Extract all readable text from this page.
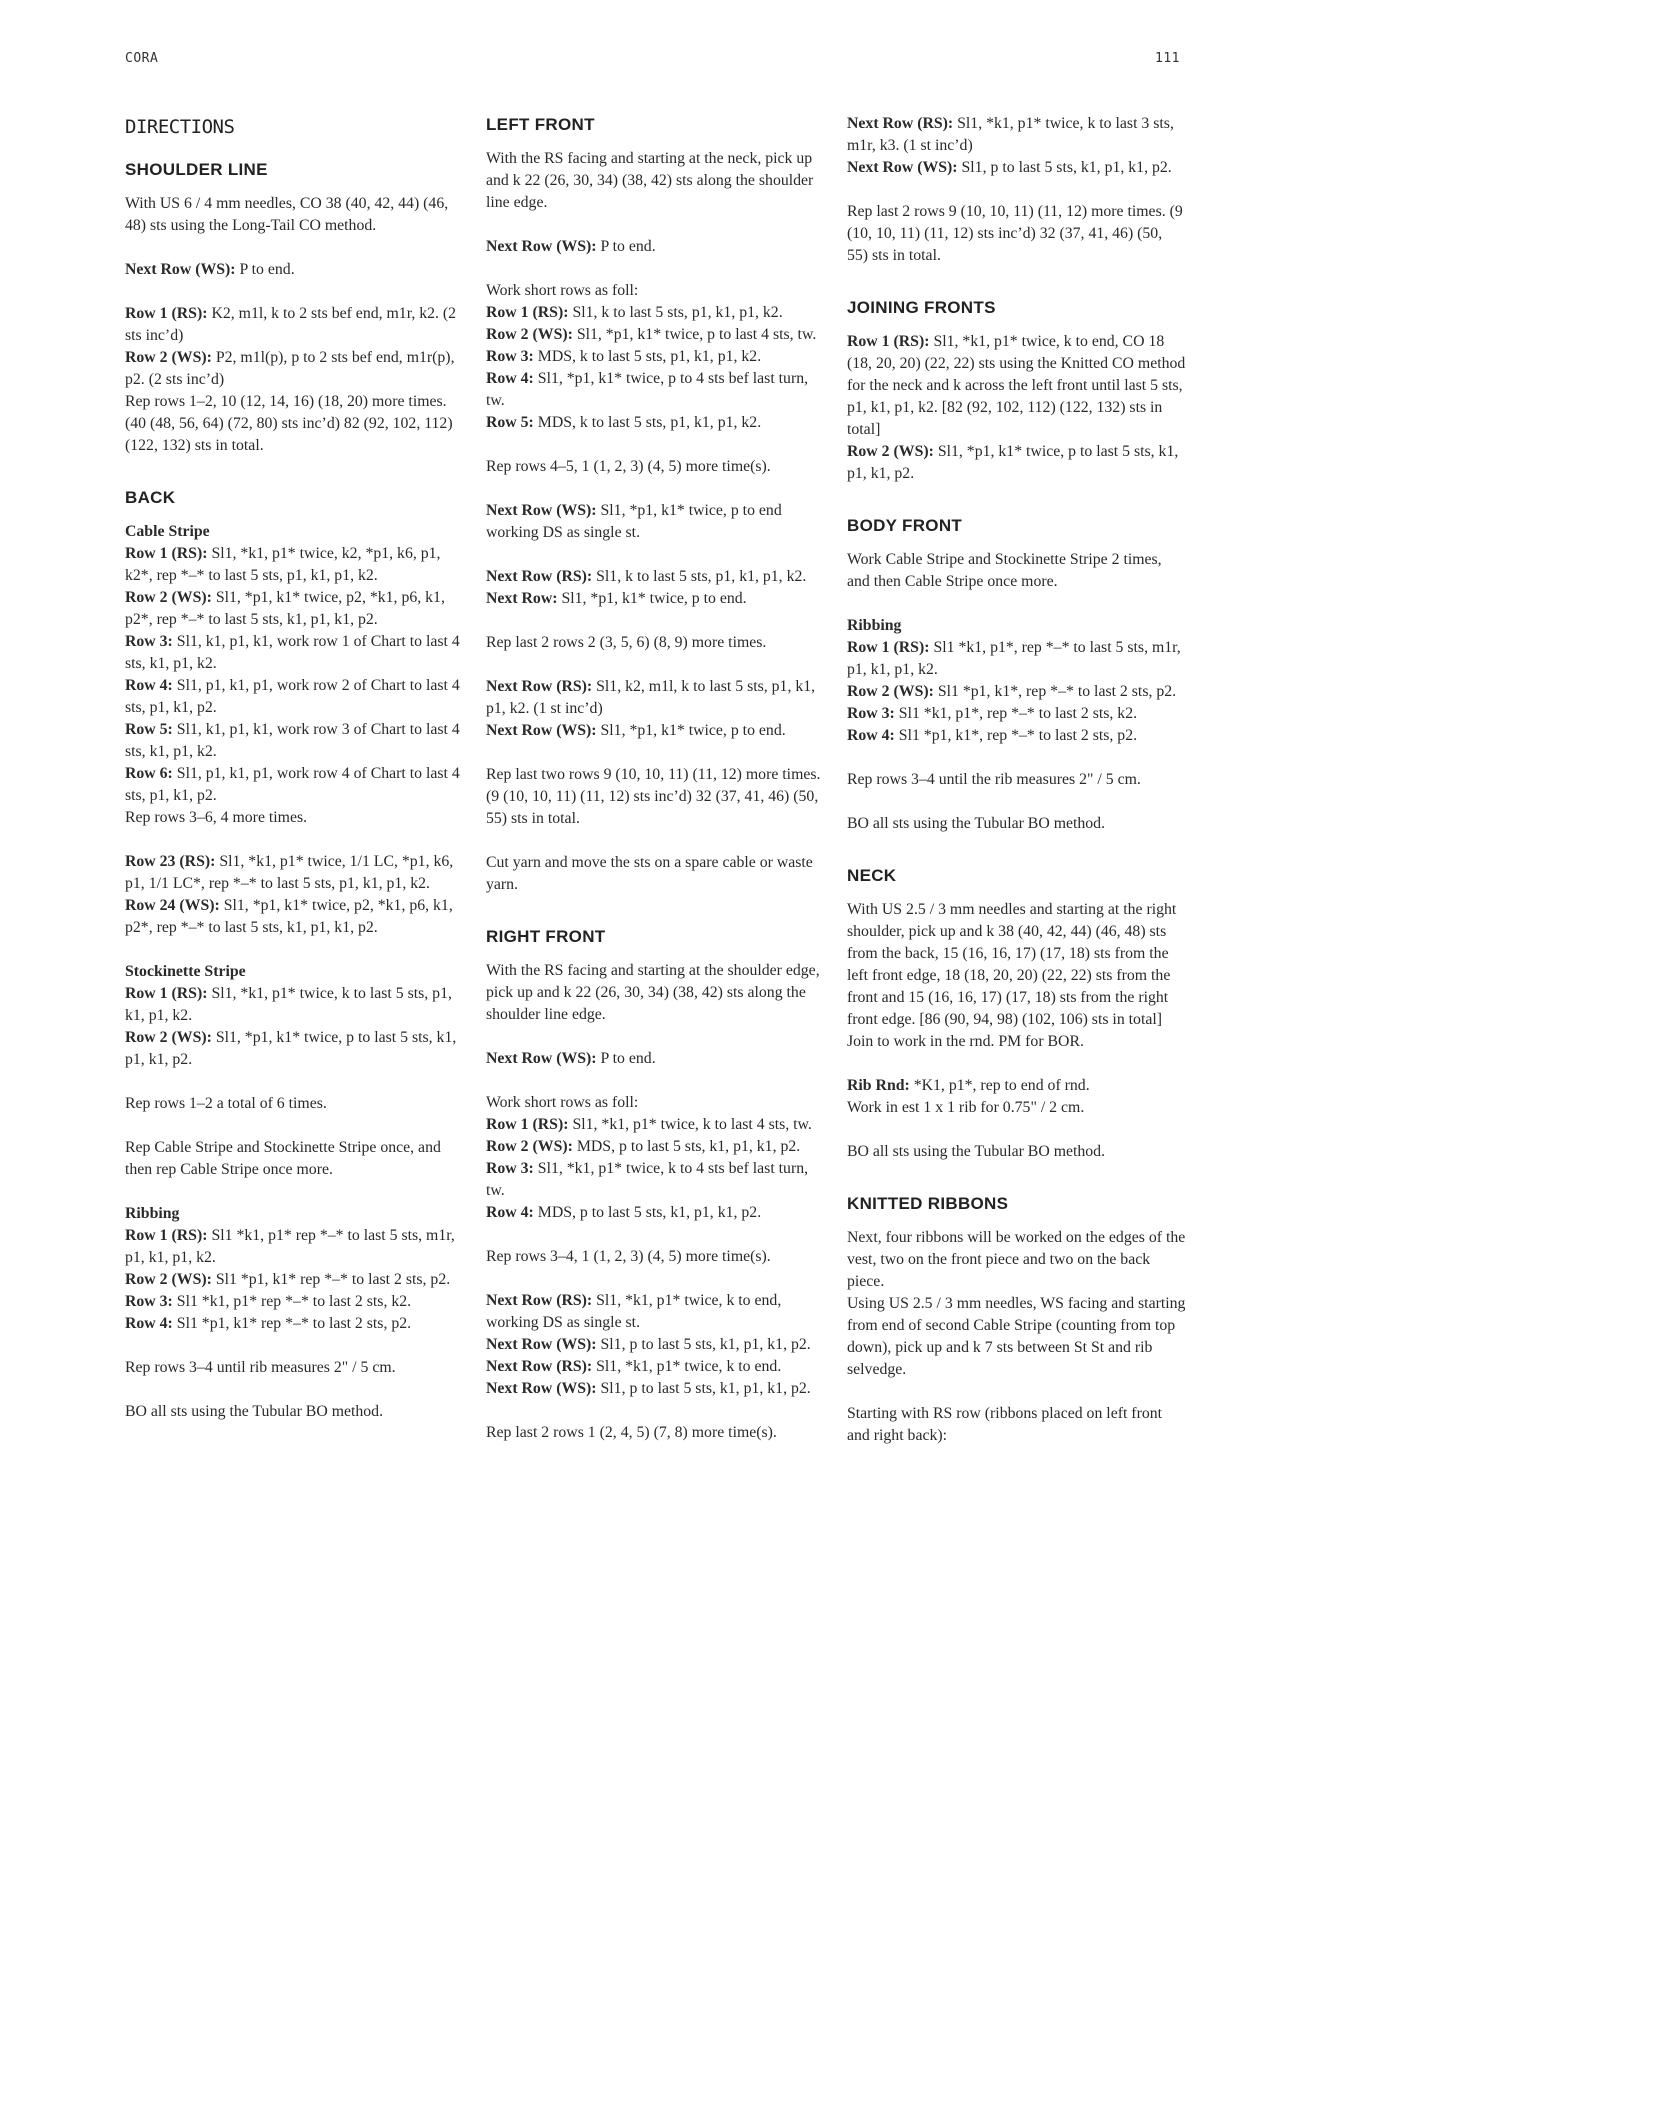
CORA	111
DIRECTIONS
SHOULDER LINE

With US 6 / 4 mm needles, CO 38 (40, 42, 44) (46, 48) sts using the Long-Tail CO method.

Next Row (WS): P to end.

Row 1 (RS): K2, m1l, k to 2 sts bef end, m1r, k2. (2 sts inc’d)

Row 2 (WS): P2, m1l(p), p to 2 sts bef end, m1r(p), p2. (2 sts inc’d)

Rep rows 1–2, 10 (12, 14, 16) (18, 20) more times. (40 (48, 56, 64) (72, 80) sts inc’d) 82 (92, 102, 112) (122, 132) sts in total.

BACK
Cable Stripe

Row 1 (RS): Sl1, *k1, p1* twice, k2, *p1, k6, p1, k2*, rep *–* to last 5 sts, p1, k1, p1, k2.

Row 2 (WS): Sl1, *p1, k1* twice, p2, *k1, p6, k1, p2*, rep *–* to last 5 sts, k1, p1, k1, p2.

Row 3: Sl1, k1, p1, k1, work row 1 of Chart to last 4 sts, k1, p1, k2.

Row 4: Sl1, p1, k1, p1, work row 2 of Chart to last 4 sts, p1, k1, p2.

Row 5: Sl1, k1, p1, k1, work row 3 of Chart to last 4 sts, k1, p1, k2.

Row 6: Sl1, p1, k1, p1, work row 4 of Chart to last 4 sts, p1, k1, p2.

Rep rows 3–6, 4 more times.

Row 23 (RS): Sl1, *k1, p1* twice, 1/1 LC, *p1, k6, p1, 1/1 LC*, rep *–* to last 5 sts, p1, k1, p1, k2.

Row 24 (WS): Sl1, *p1, k1* twice, p2, *k1, p6, k1, p2*, rep *–* to last 5 sts, k1, p1, k1, p2.

Stockinette Stripe

Row 1 (RS): Sl1, *k1, p1* twice, k to last 5 sts, p1, k1, p1, k2.

Row 2 (WS): Sl1, *p1, k1* twice, p to last 5 sts, k1, p1, k1, p2.

Rep rows 1–2 a total of 6 times.

Rep Cable Stripe and Stockinette Stripe once, and then rep Cable Stripe once more.

Ribbing

Row 1 (RS): Sl1 *k1, p1* rep *–* to last 5 sts, m1r, p1, k1, p1, k2.

Row 2 (WS): Sl1 *p1, k1* rep *–* to last 2 sts, p2.

Row 3: Sl1 *k1, p1* rep *–* to last 2 sts, k2.

Row 4: Sl1 *p1, k1* rep *–* to last 2 sts, p2.

Rep rows 3–4 until rib measures 2" / 5 cm.

BO all sts using the Tubular BO method.

LEFT FRONT

With the RS facing and starting at the neck, pick up and k 22 (26, 30, 34) (38, 42) sts along the shoulder line edge.

Next Row (WS): P to end.

Work short rows as foll:

Row 1 (RS): Sl1, k to last 5 sts, p1, k1, p1, k2.

Row 2 (WS): Sl1, *p1, k1* twice, p to last 4 sts, tw.

Row 3: MDS, k to last 5 sts, p1, k1, p1, k2.

Row 4: Sl1, *p1, k1* twice, p to 4 sts bef last turn, tw.

Row 5: MDS, k to last 5 sts, p1, k1, p1, k2.

Rep rows 4–5, 1 (1, 2, 3) (4, 5) more time(s).

Next Row (WS): Sl1, *p1, k1* twice, p to end working DS as single st.

Next Row (RS): Sl1, k to last 5 sts, p1, k1, p1, k2.

Next Row: Sl1, *p1, k1* twice, p to end.

Rep last 2 rows 2 (3, 5, 6) (8, 9) more times.

Next Row (RS): Sl1, k2, m1l, k to last 5 sts, p1, k1, p1, k2. (1 st inc’d)

Next Row (WS): Sl1, *p1, k1* twice, p to end.

Rep last two rows 9 (10, 10, 11) (11, 12) more times. (9 (10, 10, 11) (11, 12) sts inc’d) 32 (37, 41, 46) (50, 55) sts in total.

Cut yarn and move the sts on a spare cable or waste yarn.

RIGHT FRONT

With the RS facing and starting at the shoulder edge, pick up and k 22 (26, 30, 34) (38, 42) sts along the shoulder line edge.

Next Row (WS): P to end.

Work short rows as foll:

Row 1 (RS): Sl1, *k1, p1* twice, k to last 4 sts, tw.

Row 2 (WS): MDS, p to last 5 sts, k1, p1, k1, p2.

Row 3: Sl1, *k1, p1* twice, k to 4 sts bef last turn, tw.

Row 4: MDS, p to last 5 sts, k1, p1, k1, p2.

Rep rows 3–4, 1 (1, 2, 3) (4, 5) more time(s).

Next Row (RS): Sl1, *k1, p1* twice, k to end, working DS as single st.

Next Row (WS): Sl1, p to last 5 sts, k1, p1, k1, p2.

Next Row (RS): Sl1, *k1, p1* twice, k to end.

Next Row (WS): Sl1, p to last 5 sts, k1, p1, k1, p2.

Rep last 2 rows 1 (2, 4, 5) (7, 8) more time(s).

Next Row (RS): Sl1, *k1, p1* twice, k to last 3 sts, m1r, k3. (1 st inc’d)

Next Row (WS): Sl1, p to last 5 sts, k1, p1, k1, p2.

Rep last 2 rows 9 (10, 10, 11) (11, 12) more times. (9 (10, 10, 11) (11, 12) sts inc’d) 32 (37, 41, 46) (50, 55) sts in total.

JOINING FRONTS

Row 1 (RS): Sl1, *k1, p1* twice, k to end, CO 18 (18, 20, 20) (22, 22) sts using the Knitted CO method for the neck and k across the left front until last 5 sts, p1, k1, p1, k2. [82 (92, 102, 112) (122, 132) sts in total]

Row 2 (WS): Sl1, *p1, k1* twice, p to last 5 sts, k1, p1, k1, p2.

BODY FRONT

Work Cable Stripe and Stockinette Stripe 2 times, and then Cable Stripe once more.

Ribbing

Row 1 (RS): Sl1 *k1, p1*, rep *–* to last 5 sts, m1r, p1, k1, p1, k2.

Row 2 (WS): Sl1 *p1, k1*, rep *–* to last 2 sts, p2.

Row 3: Sl1 *k1, p1*, rep *–* to last 2 sts, k2.

Row 4: Sl1 *p1, k1*, rep *–* to last 2 sts, p2.

Rep rows 3–4 until the rib measures 2" / 5 cm.

BO all sts using the Tubular BO method.

NECK

With US 2.5 / 3 mm needles and starting at the right shoulder, pick up and k 38 (40, 42, 44) (46, 48) sts from the back, 15 (16, 16, 17) (17, 18) sts from the left front edge, 18 (18, 20, 20) (22, 22) sts from the front and 15 (16, 16, 17) (17, 18) sts from the right front edge. [86 (90, 94, 98) (102, 106) sts in total]

Join to work in the rnd. PM for BOR.

Rib Rnd: *K1, p1*, rep to end of rnd.

Work in est 1 x 1 rib for 0.75" / 2 cm.

BO all sts using the Tubular BO method.

KNITTED RIBBONS

Next, four ribbons will be worked on the edges of the vest, two on the front piece and two on the back piece.

Using US 2.5 / 3 mm needles, WS facing and starting from end of second Cable Stripe (counting from top down), pick up and k 7 sts between St St and rib selvedge.

Starting with RS row (ribbons placed on left front and right back):
